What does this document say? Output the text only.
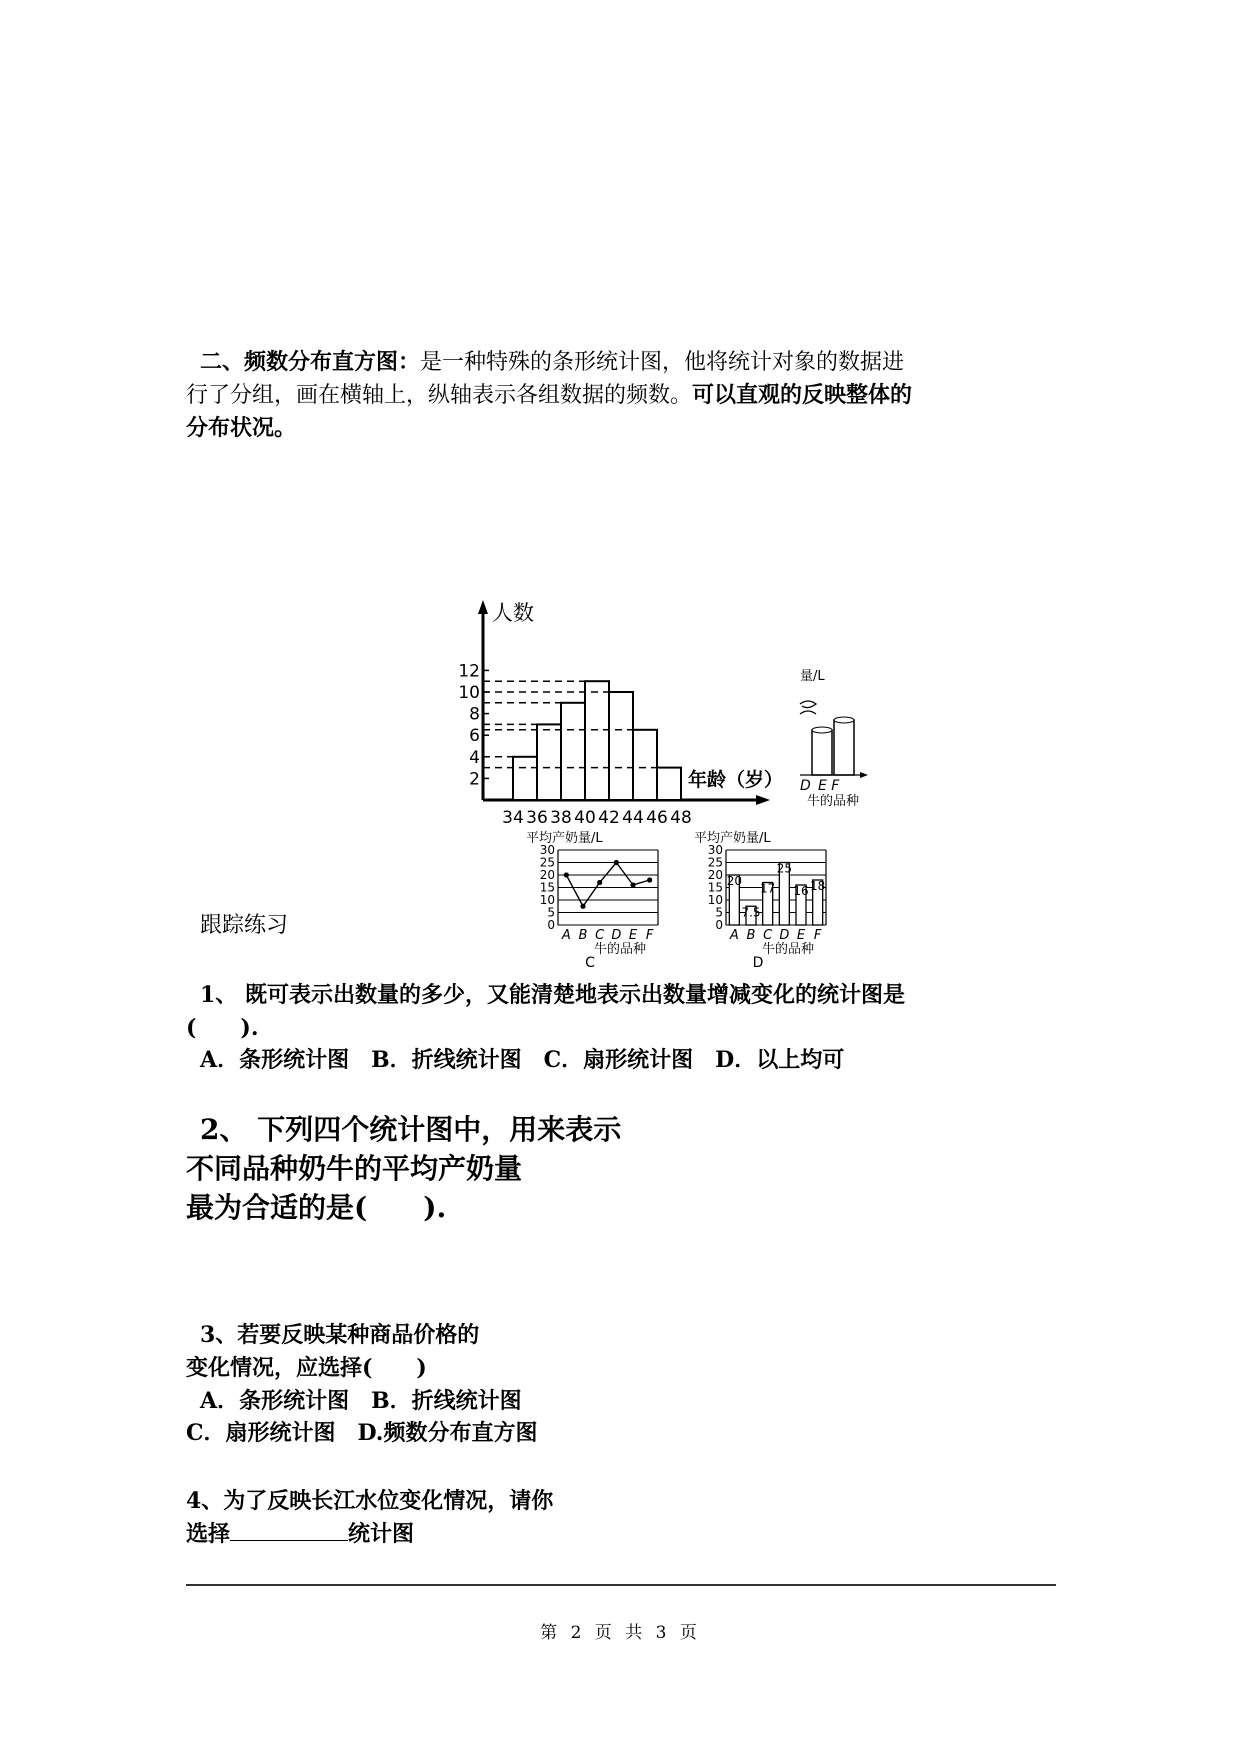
二、频数分布直方图：是一种特殊的条形统计图，他将统计对象的数据进
行了分组，画在横轴上，纵轴表示各组数据的频数。可以直观的反映整体的
分布状况。
人数
年龄（岁）
2
4
6
8
10
12
34 36 38 40 42 44 46 48
量/L
D E F
牛的品种
平均产奶量/L
0
5
10
15
20
25
30
A B C D E F
牛的品种
C
平均产奶量/L
0
5
10
15
20
25
30
A B C D E F
20
7.5
17
25
16 18
牛的品种
D
跟踪练习
1、 既可表示出数量的多少，又能清楚地表示出数量增减变化的统计图是
(　　).
A．条形统计图　B．折线统计图　C．扇形统计图　D．以上均可
2、 下列四个统计图中，用来表示
不同品种奶牛的平均产奶量
最为合适的是(　　).
3、若要反映某种商品价格的
变化情况，应选择(　　)
A．条形统计图　B．折线统计图
C．扇形统计图　D.频数分布直方图
4、为了反映长江水位变化情况，请你
选择	统计图
第 2 页 共 3 页
